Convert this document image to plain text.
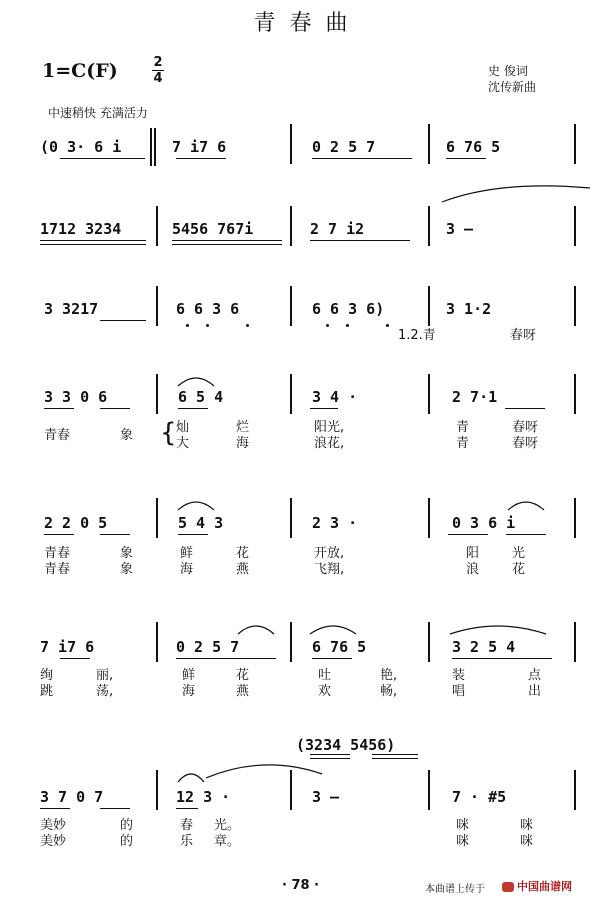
青春曲
1=C(F)	2
4	史 俊词
沈传新曲
中速稍快 充满活力
(0 3· 6 i	7 i7 6	0 2 5 7	6 76 5
1712 3234	5456 767i	2 7 i2	3 –
3 3217	6 6 3 6	6 6 3 6)	3 1·2
1.2.青	春呀
3 3 0 6	6 5 4	3 4 ·	2 7·1
青春	象 { 灿	烂	阳光,	青	春呀
大	海	浪花,	青	春呀
2 2 0 5	5 4 3	2 3 ·	0 3 6 i
青春	象	鲜	花	开放,	阳	光
青春	象	海	燕	飞翔,	浪	花
7 i7 6	0 2 5 7	6 76 5	3 2 5 4
绚	丽,	鲜	花	吐	艳,	装	点
跳	荡,	海	燕	欢	畅,	唱	出
(3234 5456)
3 7 0 7	12 3 ·	3 –	7 · #5
美妙	的	春 光。	咪	咪
美妙	的	乐 章。	咪	咪
· 78 ·	本曲谱上传于	中国曲谱网
